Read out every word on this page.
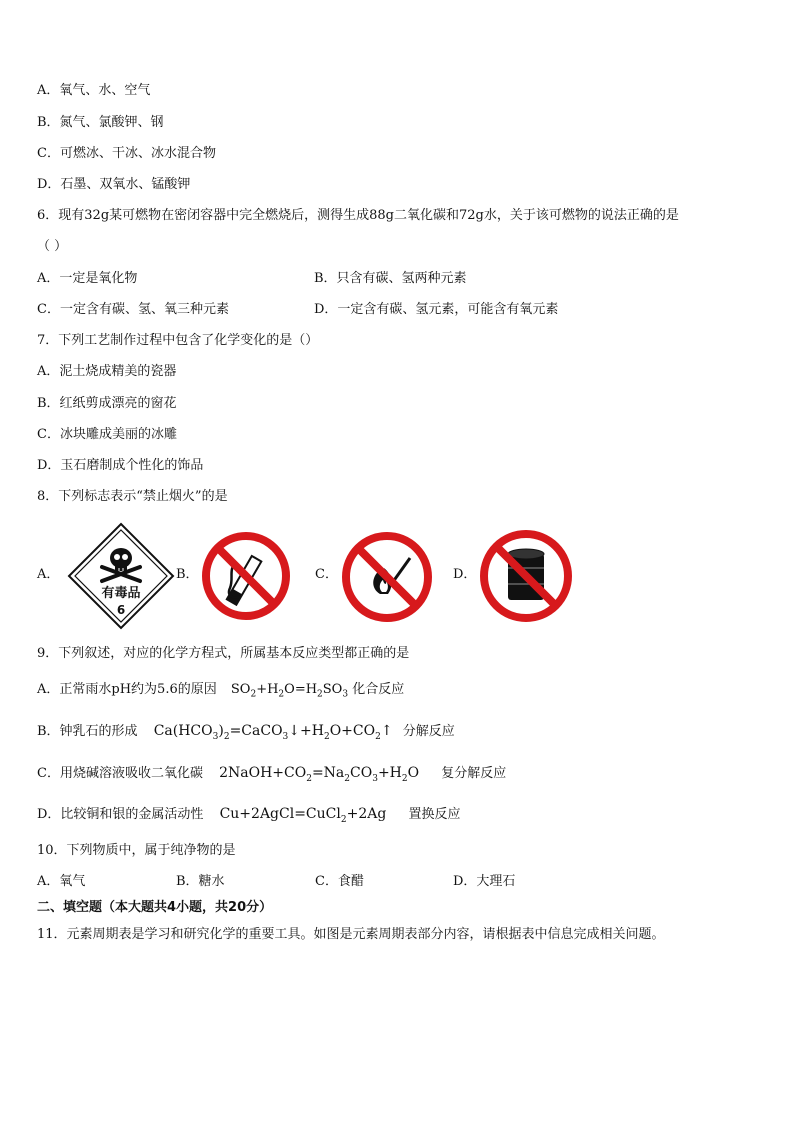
A．氧气、水、空气
B．氮气、氯酸钾、钢
C．可燃冰、干冰、冰水混合物
D．石墨、双氧水、锰酸钾
6．现有32g某可燃物在密闭容器中完全燃烧后，测得生成88g二氧化碳和72g水，关于该可燃物的说法正确的是
（ ）
A．一定是氧化物	B．只含有碳、氢两种元素
C．一定含有碳、氢、氧三种元素	D．一定含有碳、氢元素，可能含有氧元素
7．下列工艺制作过程中包含了化学变化的是（）
A．泥土烧成精美的瓷器
B．红纸剪成漂亮的窗花
C．冰块雕成美丽的冰雕
D．玉石磨制成个性化的饰品
8．下列标志表示“禁止烟火”的是
A．
有毒品
6
B．	C．	D．
9．下列叙述，对应的化学方程式，所属基本反应类型都正确的是
A．正常雨水pH约为5.6的原因 $SO_2+H_2O=H_2SO_3$ 化合反应
B．钟乳石的形成 $Ca(HCO_3)_2=CaCO_3↓+H_2O+CO_2↑$ 分解反应
C．用烧碱溶液吸收二氧化碳 $2NaOH+CO_2=Na_2CO_3+H_2O$ 复分解反应
D．比较铜和银的金属活动性 Cu+2AgCl=CuCl$_2$+2Ag 置换反应
10．下列物质中，属于纯净物的是
A．氧气	B．糖水	C．食醋	D．大理石
二、填空题（本大题共4小题，共20分）
11．元素周期表是学习和研究化学的重要工具。如图是元素周期表部分内容，请根据表中信息完成相关问题。
